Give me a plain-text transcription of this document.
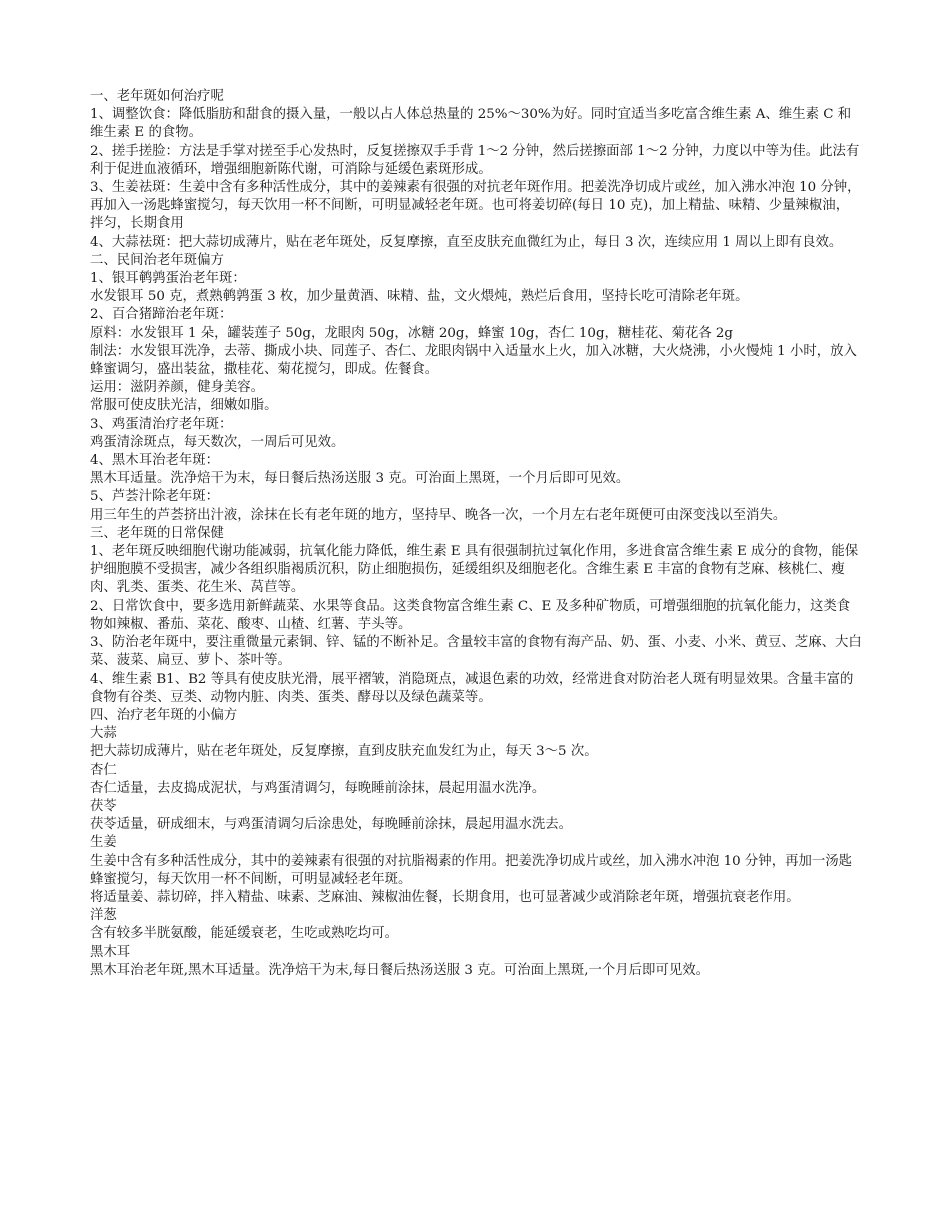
一、老年斑如何治疗呢

1、调整饮食：降低脂肪和甜食的摄入量，一般以占人体总热量的 25%～30%为好。同时宜适当多吃富含维生素 A、维生素 C 和维生素 E 的食物。

2、搓手搓脸：方法是手掌对搓至手心发热时，反复搓擦双手手背 1～2 分钟，然后搓擦面部 1～2 分钟，力度以中等为佳。此法有利于促进血液循环，增强细胞新陈代谢，可消除与延缓色素斑形成。

3、生姜祛斑：生姜中含有多种活性成分，其中的姜辣素有很强的对抗老年斑作用。把姜洗净切成片或丝，加入沸水冲泡 10 分钟，再加入一汤匙蜂蜜搅匀，每天饮用一杯不间断，可明显减轻老年斑。也可将姜切碎(每日 10 克)，加上精盐、味精、少量辣椒油，拌匀，长期食用

4、大蒜祛斑：把大蒜切成薄片，贴在老年斑处，反复摩擦，直至皮肤充血微红为止，每日 3 次，连续应用 1 周以上即有良效。

二、民间治老年斑偏方

1、银耳鹌鹑蛋治老年斑：

水发银耳 50 克，煮熟鹌鹑蛋 3 枚，加少量黄酒、味精、盐，文火煨炖，熟烂后食用，坚持长吃可清除老年斑。

2、百合猪蹄治老年斑：

原料：水发银耳 1 朵，罐装莲子 50g，龙眼肉 50g，冰糖 20g，蜂蜜 10g，杏仁 10g，糖桂花、菊花各 2g

制法：水发银耳洗净，去蒂、撕成小块、同莲子、杏仁、龙眼肉锅中入适量水上火，加入冰糖，大火烧沸，小火慢炖 1 小时，放入蜂蜜调匀，盛出装盆，撒桂花、菊花搅匀，即成。佐餐食。

运用：滋阴养颜，健身美容。

常服可使皮肤光洁，细嫩如脂。

3、鸡蛋清治疗老年斑：

鸡蛋清涂斑点，每天数次，一周后可见效。

4、黑木耳治老年斑：

黑木耳适量。洗净焙干为末，每日餐后热汤送服 3 克。可治面上黑斑，一个月后即可见效。

5、芦荟汁除老年斑：

用三年生的芦荟挤出汁液，涂抹在长有老年斑的地方，坚持早、晚各一次，一个月左右老年斑便可由深变浅以至消失。

三、老年斑的日常保健

1、老年斑反映细胞代谢功能减弱，抗氧化能力降低，维生素 E 具有很强制抗过氧化作用，多进食富含维生素 E 成分的食物，能保护细胞膜不受损害，减少各组织脂褐质沉积，防止细胞损伤，延缓组织及细胞老化。含维生素 E 丰富的食物有芝麻、核桃仁、瘦肉、乳类、蛋类、花生米、莴苣等。

2、日常饮食中，要多选用新鲜蔬菜、水果等食品。这类食物富含维生素 C、E 及多种矿物质，可增强细胞的抗氧化能力，这类食物如辣椒、番茄、菜花、酸枣、山楂、红薯、芋头等。

3、防治老年斑中，要注重微量元素铜、锌、锰的不断补足。含量较丰富的食物有海产品、奶、蛋、小麦、小米、黄豆、芝麻、大白菜、菠菜、扁豆、萝卜、茶叶等。

4、维生素 B1、B2 等具有使皮肤光滑，展平褶皱，消隐斑点，减退色素的功效，经常进食对防治老人斑有明显效果。含量丰富的食物有谷类、豆类、动物内脏、肉类、蛋类、酵母以及绿色蔬菜等。

四、治疗老年斑的小偏方

大蒜

把大蒜切成薄片，贴在老年斑处，反复摩擦，直到皮肤充血发红为止，每天 3～5 次。

杏仁

杏仁适量，去皮捣成泥状，与鸡蛋清调匀，每晚睡前涂抹，晨起用温水洗净。

茯苓

茯苓适量，研成细末，与鸡蛋清调匀后涂患处，每晚睡前涂抹，晨起用温水洗去。

生姜

生姜中含有多种活性成分，其中的姜辣素有很强的对抗脂褐素的作用。把姜洗净切成片或丝，加入沸水冲泡 10 分钟，再加一汤匙蜂蜜搅匀，每天饮用一杯不间断，可明显减轻老年斑。

将适量姜、蒜切碎，拌入精盐、味素、芝麻油、辣椒油佐餐，长期食用，也可显著减少或消除老年斑，增强抗衰老作用。

洋葱

含有较多半胱氨酸，能延缓衰老，生吃或熟吃均可。

黑木耳

黑木耳治老年斑,黑木耳适量。洗净焙干为末,每日餐后热汤送服 3 克。可治面上黑斑,一个月后即可见效。
